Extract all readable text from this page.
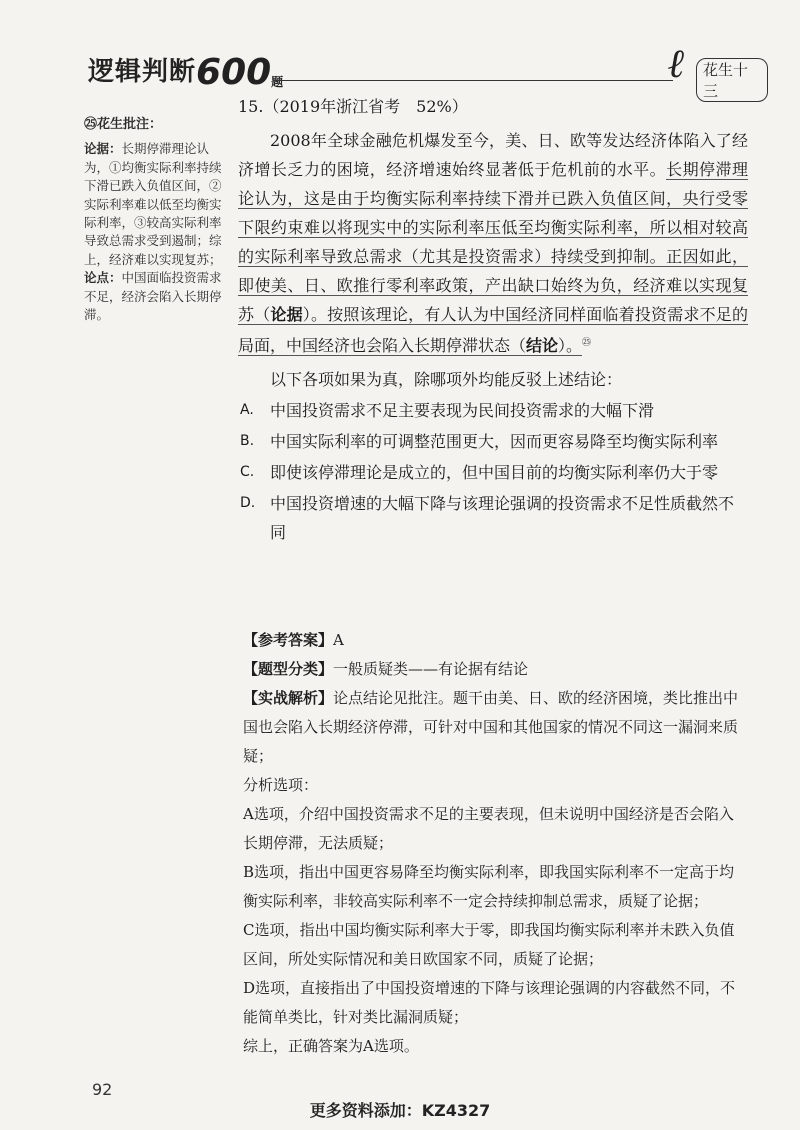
逻辑判断$600_题$	ℓ	花生十三
㉕花生批注：

论据：长期停滞理论认为，①均衡实际利率持续下滑已跌入负值区间，②实际利率难以低至均衡实际利率，③较高实际利率导致总需求受到遏制；综上，经济难以实现复苏；

论点：中国面临投资需求不足，经济会陷入长期停滞。

15.（2019年浙江省考　52%）

2008年全球金融危机爆发至今，美、日、欧等发达经济体陷入了经济增长乏力的困境，经济增速始终显著低于危机前的水平。长期停滞理论认为，这是由于均衡实际利率持续下滑并已跌入负值区间，央行受零下限约束难以将现实中的实际利率压低至均衡实际利率，所以相对较高的实际利率导致总需求（尤其是投资需求）持续受到抑制。正因如此，即使美、日、欧推行零利率政策，产出缺口始终为负，经济难以实现复苏（论据）。按照该理论，有人认为中国经济同样面临着投资需求不足的局面，中国经济也会陷入长期停滞状态（结论）。$^㉕$

以下各项如果为真，除哪项外均能反驳上述结论：

A.	中国投资需求不足主要表现为民间投资需求的大幅下滑
B. 中国实际利率的可调整范围更大，因而更容易降至均衡实际利率
C. 即使该停滞理论是成立的，但中国目前的均衡实际利率仍大于零
D. 中国投资增速的大幅下降与该理论强调的投资需求不足性质截然不同

【参考答案】A

【题型分类】一般质疑类——有论据有结论

【实战解析】论点结论见批注。题干由美、日、欧的经济困境，类比推出中国也会陷入长期经济停滞，可针对中国和其他国家的情况不同这一漏洞来质疑；

分析选项：

A选项，介绍中国投资需求不足的主要表现，但未说明中国经济是否会陷入长期停滞，无法质疑；

B选项，指出中国更容易降至均衡实际利率，即我国实际利率不一定高于均衡实际利率，非较高实际利率不一定会持续抑制总需求，质疑了论据；

C选项，指出中国均衡实际利率大于零，即我国均衡实际利率并未跌入负值区间，所处实际情况和美日欧国家不同，质疑了论据；

D选项，直接指出了中国投资增速的下降与该理论强调的内容截然不同，不能简单类比，针对类比漏洞质疑；

综上，正确答案为A选项。

92
更多资料添加：KZ4327
